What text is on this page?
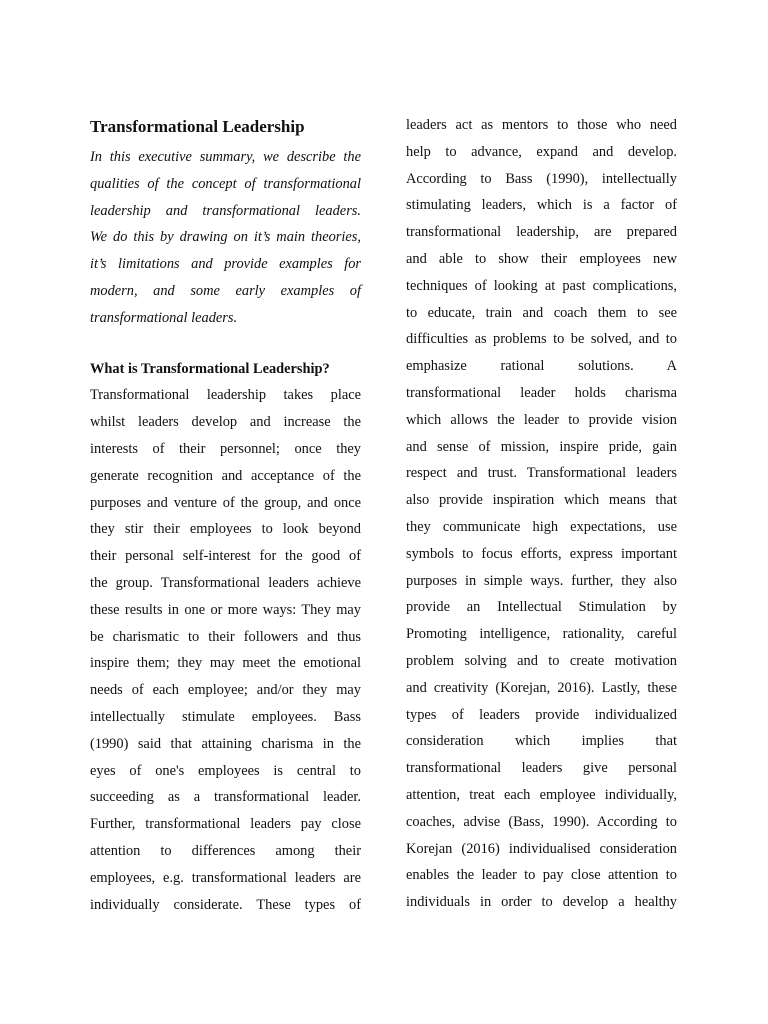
Transformational Leadership
In this executive summary, we describe the
qualities of the concept of transformational
leadership and transformational leaders.
We do this by drawing on it’s main theories,
it’s limitations and provide examples for
modern, and some early examples of
transformational leaders.
What is Transformational Leadership?
Transformational leadership takes place
whilst leaders develop and increase the
interests of their personnel; once they
generate recognition and acceptance of the
purposes and venture of the group, and once
they stir their employees to look beyond
their personal self-interest for the good of
the group. Transformational leaders achieve
these results in one or more ways: They may
be charismatic to their followers and thus
inspire them; they may meet the emotional
needs of each employee; and/or they may
intellectually stimulate employees. Bass
(1990) said that attaining charisma in the
eyes of one's employees is central to
succeeding as a transformational leader.
Further, transformational leaders pay close
attention to differences among their
employees, e.g. transformational leaders are
individually considerate. These types of
leaders act as mentors to those who need
help to advance, expand and develop.
According to Bass (1990), intellectually
stimulating leaders, which is a factor of
transformational leadership, are prepared
and able to show their employees new
techniques of looking at past complications,
to educate, train and coach them to see
difficulties as problems to be solved, and to
emphasize rational solutions. A
transformational leader holds charisma
which allows the leader to provide vision
and sense of mission, inspire pride, gain
respect and trust. Transformational leaders
also provide inspiration which means that
they communicate high expectations, use
symbols to focus efforts, express important
purposes in simple ways. further, they also
provide an Intellectual Stimulation by
Promoting intelligence, rationality, careful
problem solving and to create motivation
and creativity (Korejan, 2016). Lastly, these
types of leaders provide individualized
consideration which implies that
transformational leaders give personal
attention, treat each employee individually,
coaches, advise (Bass, 1990). According to
Korejan (2016) individualised consideration
enables the leader to pay close attention to
individuals in order to develop a healthy
